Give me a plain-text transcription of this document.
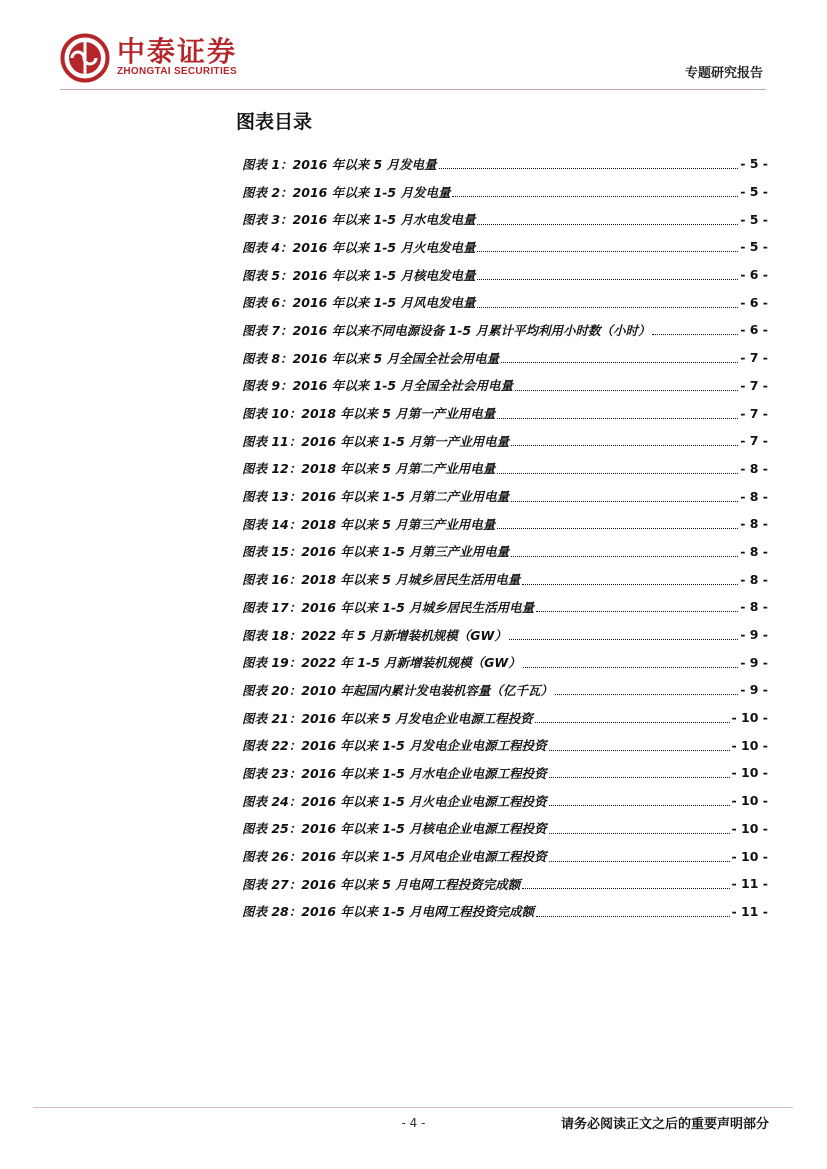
中泰证券
ZHONGTAI SECURITIES	专题研究报告
图表目录
图表 1：2016 年以来 5 月发电量	- 5 -
图表 2：2016 年以来 1-5 月发电量	- 5 -
图表 3：2016 年以来 1-5 月水电发电量	- 5 -
图表 4：2016 年以来 1-5 月火电发电量	- 5 -
图表 5：2016 年以来 1-5 月核电发电量	- 6 -
图表 6：2016 年以来 1-5 月风电发电量	- 6 -
图表 7：2016 年以来不同电源设备 1-5 月累计平均利用小时数（小时）	- 6 -
图表 8：2016 年以来 5 月全国全社会用电量	- 7 -
图表 9：2016 年以来 1-5 月全国全社会用电量	- 7 -
图表 10：2018 年以来 5 月第一产业用电量	- 7 -
图表 11：2016 年以来 1-5 月第一产业用电量	- 7 -
图表 12：2018 年以来 5 月第二产业用电量	- 8 -
图表 13：2016 年以来 1-5 月第二产业用电量	- 8 -
图表 14：2018 年以来 5 月第三产业用电量	- 8 -
图表 15：2016 年以来 1-5 月第三产业用电量	- 8 -
图表 16：2018 年以来 5 月城乡居民生活用电量	- 8 -
图表 17：2016 年以来 1-5 月城乡居民生活用电量	- 8 -
图表 18：2022 年 5 月新增装机规模（GW）	- 9 -
图表 19：2022 年 1-5 月新增装机规模（GW）	- 9 -
图表 20：2010 年起国内累计发电装机容量（亿千瓦）	- 9 -
图表 21：2016 年以来 5 月发电企业电源工程投资	- 10 -
图表 22：2016 年以来 1-5 月发电企业电源工程投资	- 10 -
图表 23：2016 年以来 1-5 月水电企业电源工程投资	- 10 -
图表 24：2016 年以来 1-5 月火电企业电源工程投资	- 10 -
图表 25：2016 年以来 1-5 月核电企业电源工程投资	- 10 -
图表 26：2016 年以来 1-5 月风电企业电源工程投资	- 10 -
图表 27：2016 年以来 5 月电网工程投资完成额	- 11 -
图表 28：2016 年以来 1-5 月电网工程投资完成额	- 11 -
- 4 -	请务必阅读正文之后的重要声明部分
